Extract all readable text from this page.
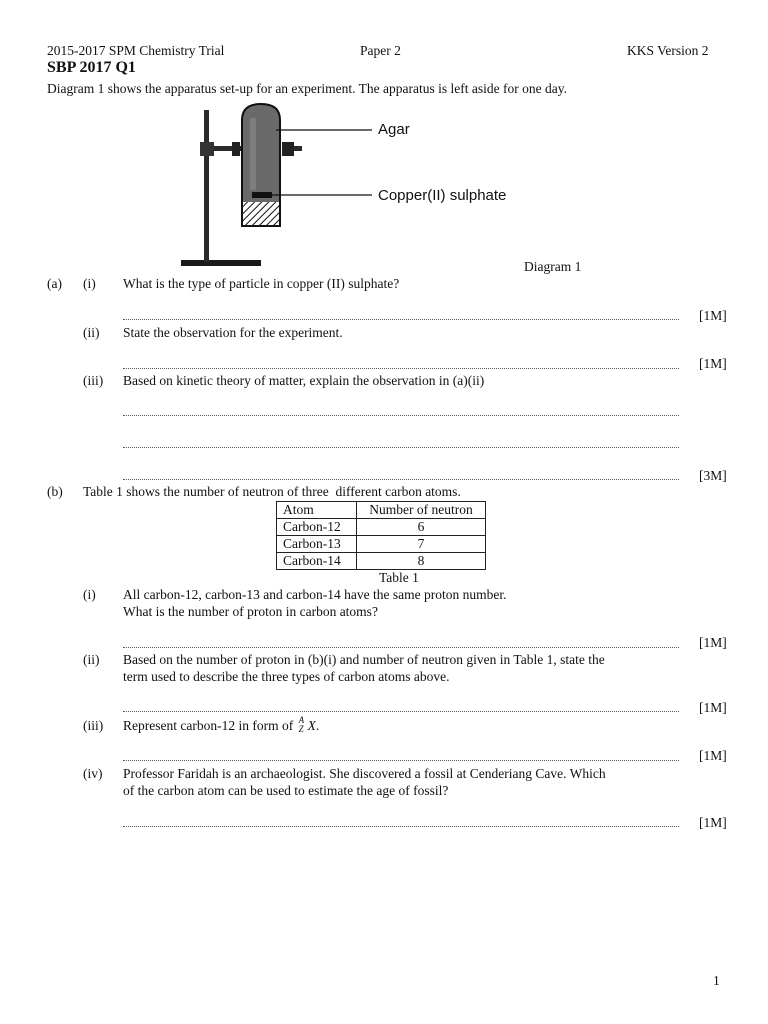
2015-2017 SPM Chemistry Trial	Paper 2	KKS Version 2
SBP 2017 Q1
Diagram 1 shows the apparatus set-up for an experiment. The apparatus is left aside for one day.
Agar
Copper(II) sulphate
Diagram 1
(a) (i) What is the type of particle in copper (II) sulphate?
[1M]
(ii) State the observation for the experiment.
[1M]
(iii) Based on kinetic theory of matter, explain the observation in (a)(ii)
[3M]
(b) Table 1 shows the number of neutron of three  different carbon atoms.
Atom	Number of neutron
Carbon-12	6
Carbon-13	7
Carbon-14	8
Table 1
(i) All carbon-12, carbon-13 and carbon-14 have the same proton number.
What is the number of proton in carbon atoms?
[1M]
(ii) Based on the number of proton in (b)(i) and number of neutron given in Table 1, state the
term used to describe the three types of carbon atoms above.
[1M]
(iii) Represent carbon-12 in form of A
Z X.
[1M]
(iv) Professor Faridah is an archaeologist. She discovered a fossil at Cenderiang Cave. Which
of the carbon atom can be used to estimate the age of fossil?
[1M]
1
